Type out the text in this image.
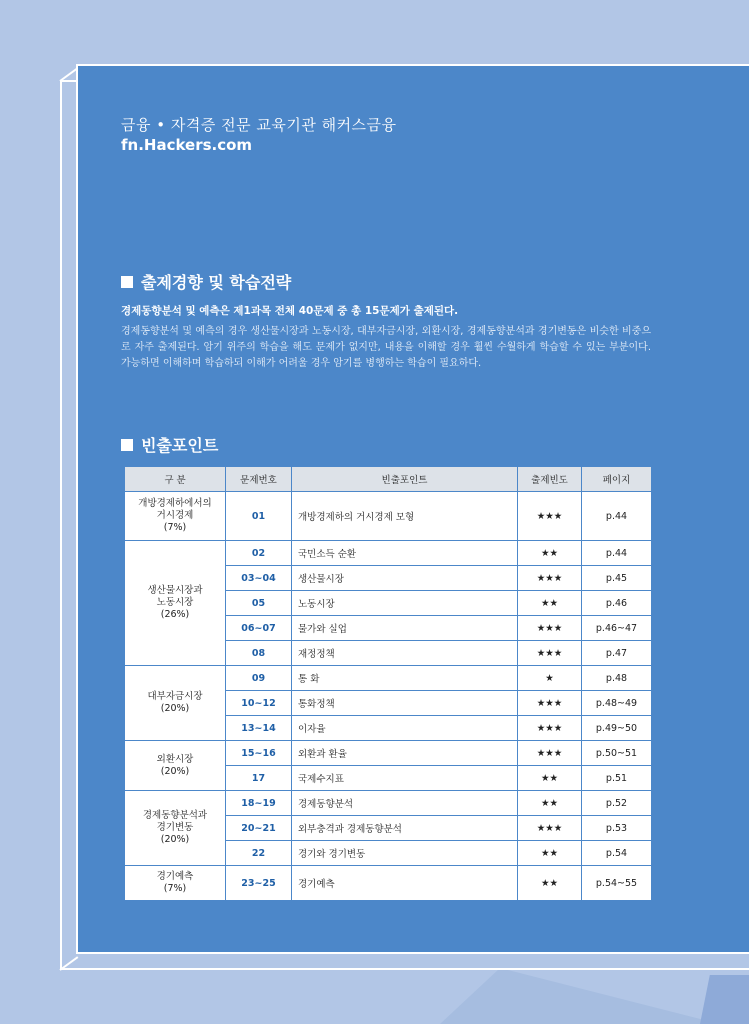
금융 • 자격증 전문 교육기관 해커스금융
fn.Hackers.com
출제경향 및 학습전략
경제동향분석 및 예측은 제1과목 전체 40문제 중 총 15문제가 출제된다.
경제동향분석 및 예측의 경우 생산물시장과 노동시장, 대부자금시장, 외환시장, 경제동향분석과 경기변동은 비슷한 비중으로 자주 출제된다. 암기 위주의 학습을 해도 문제가 없지만, 내용을 이해할 경우 훨씬 수월하게 학습할 수 있는 부분이다. 가능하면 이해하며 학습하되 이해가 어려울 경우 암기를 병행하는 학습이 필요하다.
빈출포인트
구 분	문제번호	빈출포인트	출제빈도	페이지

개방경제하에서의
거시경제
(7%)	01	개방경제하의 거시경제 모형	★★★	p.44

생산물시장과
노동시장
(26%)	02	국민소득 순환	★★	p.44
	03~04	생산물시장	★★★	p.45
	05	노동시장	★★	p.46
	06~07	물가와 실업	★★★	p.46~47
	08	재정정책	★★★	p.47

대부자금시장
(20%)	09	통 화	★	p.48
	10~12	통화정책	★★★	p.48~49
	13~14	이자율	★★★	p.49~50

외환시장
(20%)	15~16	외환과 환율	★★★	p.50~51
	17	국제수지표	★★	p.51

경제동향분석과
경기변동
(20%)	18~19	경제동향분석	★★	p.52
	20~21	외부충격과 경제동향분석	★★★	p.53
	22	경기와 경기변동	★★	p.54

경기예측
(7%)	23~25	경기예측	★★	p.54~55
